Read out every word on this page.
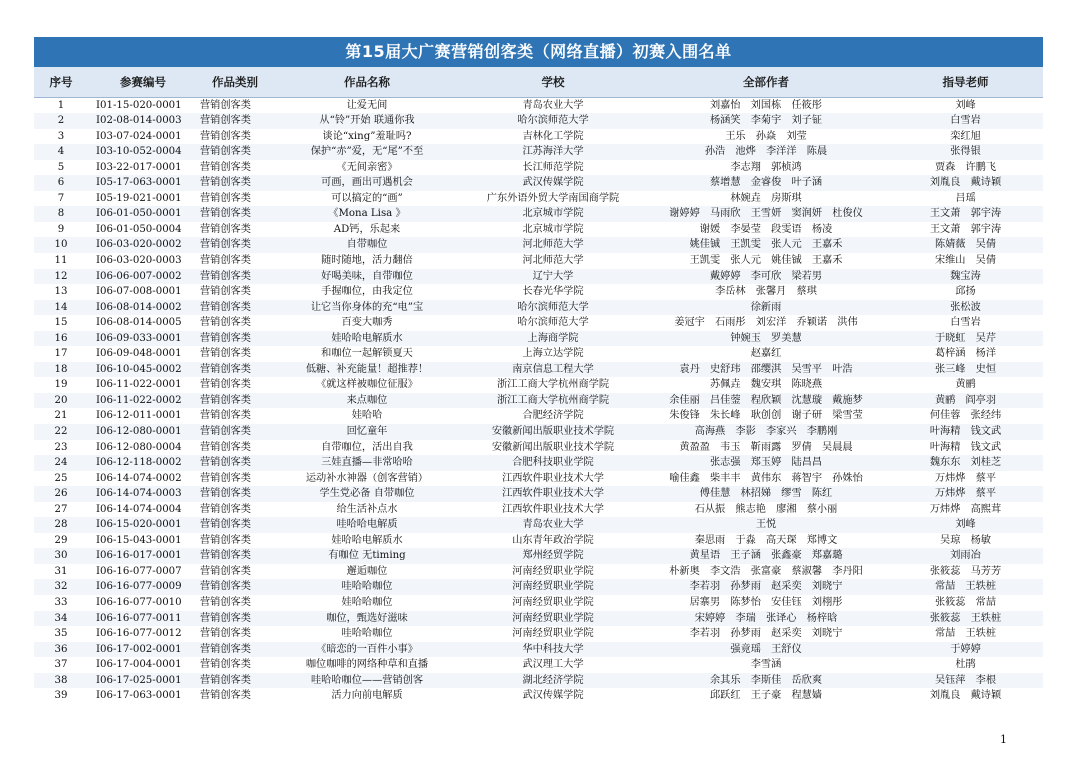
第15届大广赛营销创客类（网络直播）初赛入围名单
序号	参赛编号	作品类别	作品名称	学校	全部作者	指导老师
1	I01-15-020-0001	营销创客类	让爱无间	青岛农业大学	刘嘉怡　刘国栋　任筱彤	刘峰
2	I02-08-014-0003	营销创客类	从“铃”开始 联通你我	哈尔滨师范大学	杨涵笑　李菊宇　刘子钲	白雪岩
3	I03-07-024-0001	营销创客类	谈论“xing”羞耻吗?	吉林化工学院	王乐　孙焱　刘莹	栾红旭
4	I03-10-052-0004	营销创客类	保护“赤”爱，无“尾”不至	江苏海洋大学	孙浩　池烨　李洋洋　陈晨	张得银
5	I03-22-017-0001	营销创客类	《无间亲密》	长江师范学院	李志翔　郭桢鸿	贾森　许鹏飞
6	I05-17-063-0001	营销创客类	可画，画出可遇机会	武汉传媒学院	蔡增慧　金睿俊　叶子涵	刘胤良　戴诗颖
7	I05-19-021-0001	营销创客类	可以搞定的“画”	广东外语外贸大学南国商学院	林婉垚　房斯琪	吕瑶
8	I06-01-050-0001	营销创客类	《Mona Lisa 》	北京城市学院	谢婷婷　马雨欣　王雪妍　窦润妍　杜俊仪	王文萧　郭宇涛
9	I06-01-050-0004	营销创客类	AD钙，乐起来	北京城市学院	谢媛　李晏莹　段雯语　杨凌	王文萧　郭宇涛
10	I06-03-020-0002	营销创客类	自带咖位	河北师范大学	姚佳铖　王凯雯　张人元　王嘉禾	陈婧薇　吴倩
11	I06-03-020-0003	营销创客类	随时随地，活力翻倍	河北师范大学	王凯雯　张人元　姚佳铖　王嘉禾	宋维山　吴倩
12	I06-06-007-0002	营销创客类	好喝美味，自带咖位	辽宁大学	戴婷婷　李可欣　梁若男	魏宝涛
13	I06-07-008-0001	营销创客类	手握咖位，由我定位	长春光华学院	李岳林　张馨月　蔡琪	邱扬
14	I06-08-014-0002	营销创客类	让它当你身体的充“电”宝	哈尔滨师范大学	徐新雨	张松波
15	I06-08-014-0005	营销创客类	百变大咖秀	哈尔滨师范大学	姜冠宇　石雨彤　刘宏洋　乔颖诺　洪伟	白雪岩
16	I06-09-033-0001	营销创客类	娃哈哈电解质水	上海商学院	钟婉玉　罗美慧	于晓虹　吴芹
17	I06-09-048-0001	营销创客类	和咖位一起解锁夏天	上海立达学院	赵嘉红	葛梓涵　杨洋
18	I06-10-045-0002	营销创客类	低糖、补充能量！超推荐！	南京信息工程大学	袁丹　史舒玮　邵缨淇　吴雪平　叶浩	张三峰　史恒
19	I06-11-022-0001	营销创客类	《就这样被咖位征服》	浙江工商大学杭州商学院	苏佩垚　魏安琪　陈晓燕	黄鹂
20	I06-11-022-0002	营销创客类	来点咖位	浙江工商大学杭州商学院	余佳丽　吕佳蓥　程欣颖　沈慧璇　戴施梦	黄鹂　阎亭羽
21	I06-12-011-0001	营销创客类	娃哈哈	合肥经济学院	朱俊锋　朱长峰　耿创创　谢子研　梁雪莹	何佳蓉　张经纬
22	I06-12-080-0001	营销创客类	回忆童年	安徽新闻出版职业技术学院	高海燕　李影　李家兴　李鹏刚	叶海精　钱文武
23	I06-12-080-0004	营销创客类	自带咖位，活出自我	安徽新闻出版职业技术学院	黄盈盈　韦玉　靳雨露　罗倩　吴晨晨	叶海精　钱文武
24	I06-12-118-0002	营销创客类	三娃直播—非常哈哈	合肥科技职业学院	张志强　郑玉婷　陆昌昌	魏东东　刘桂芝
25	I06-14-074-0002	营销创客类	运动补水神器（创客营销）	江西软件职业技术大学	喻佳鑫　柴丰丰　黄伟东　蒋智宇　孙姝怡	万炜烨　蔡平
26	I06-14-074-0003	营销创客类	学生党必备 自带咖位	江西软件职业技术大学	傅佳慧　林招娣　缪雪　陈红	万炜烨　蔡平
27	I06-14-074-0004	营销创客类	给生活补点水	江西软件职业技术大学	石从振　熊志艳　廖湘　蔡小丽	万炜烨　高熙茸
28	I06-15-020-0001	营销创客类	哇哈哈电解质	青岛农业大学	王悦	刘峰
29	I06-15-043-0001	营销创客类	娃哈哈电解质水	山东青年政治学院	秦思雨　于淼　高天琛　郑博文	吴琼　杨敏
30	I06-16-017-0001	营销创客类	有咖位 无timing	郑州经贸学院	黄星语　王子涵　张鑫豪　郑嘉璐	刘雨冶
31	I06-16-077-0007	营销创客类	邂逅咖位	河南经贸职业学院	朴新奥　李文浩　张富豪　蔡淑馨　李丹阳	张筱蕊　马芳芳
32	I06-16-077-0009	营销创客类	哇哈哈咖位	河南经贸职业学院	李若羽　孙梦雨　赵采奕　刘晓宁	常喆　王轶桩
33	I06-16-077-0010	营销创客类	娃哈哈咖位	河南经贸职业学院	居寨男　陈梦怡　安佳钰　刘栩彤	张筱蕊　常喆
34	I06-16-077-0011	营销创客类	咖位，甄选好滋味	河南经贸职业学院	宋婷婷　李瑞　张译心　杨梓晗	张筱蕊　王轶桩
35	I06-16-077-0012	营销创客类	哇哈哈咖位	河南经贸职业学院	李若羽　孙梦雨　赵采奕　刘晓宁	常喆　王轶桩
36	I06-17-002-0001	营销创客类	《暗恋的一百件小事》	华中科技大学	强竟瑶　王舒仪	于婷婷
37	I06-17-004-0001	营销创客类	咖位咖啡的网络种草和直播	武汉理工大学	李雪涵	杜鹃
38	I06-17-025-0001	营销创客类	哇哈哈咖位——营销创客	湖北经济学院	余其乐　李斯佳　岳欣爽	吴钰萍　李根
39	I06-17-063-0001	营销创客类	活力向前电解质	武汉传媒学院	邱跃红　王子豪　程慧嫱	刘胤良　戴诗颖
1
